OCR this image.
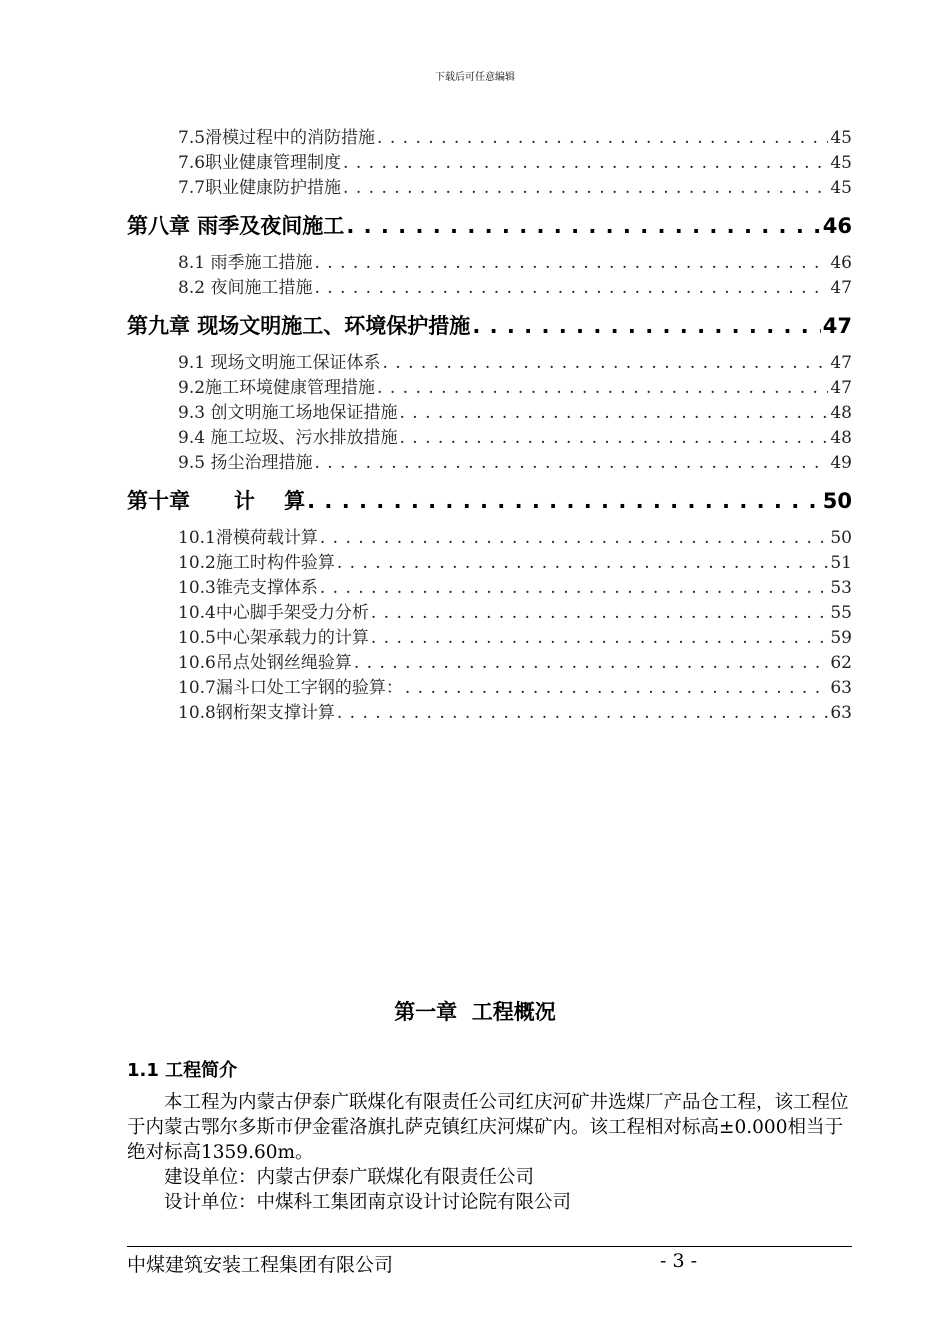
下载后可任意编辑
7.5滑模过程中的消防措施 . . .	45
7.6职业健康管理制度 . . .	45
7.7职业健康防护措施 . . .	45
第八章 雨季及夜间施工 . . .	46
8.1 雨季施工措施 . . .	46
8.2 夜间施工措施 . . .	47
第九章 现场文明施工、环境保护措施 . . .	47
9.1 现场文明施工保证体系 . . .	47
9.2施工环境健康管理措施 . . .	47
9.3 创文明施工场地保证措施 . . .	48
9.4 施工垃圾、污水排放措施 . . .	48
9.5 扬尘治理措施 . . .	49
第十章      计    算 . . .	50
10.1滑模荷载计算 . . .	50
10.2施工时构件验算 . . .	51
10.3锥壳支撑体系 . . .	53
10.4中心脚手架受力分析 . . .	55
10.5中心架承载力的计算 . . .	59
10.6吊点处钢丝绳验算 . . .	62
10.7漏斗口处工字钢的验算： . . .	63
10.8钢桁架支撑计算 . . .	63
第一章  工程概况
1.1 工程简介

本工程为内蒙古伊泰广联煤化有限责任公司红庆河矿井选煤厂产品仓工程，该工程位于内蒙古鄂尔多斯市伊金霍洛旗扎萨克镇红庆河煤矿内。该工程相对标高±0.000相当于绝对标高1359.60m。

建设单位：内蒙古伊泰广联煤化有限责任公司

设计单位：中煤科工集团南京设计讨论院有限公司

中煤建筑安装工程集团有限公司	- 3 -
